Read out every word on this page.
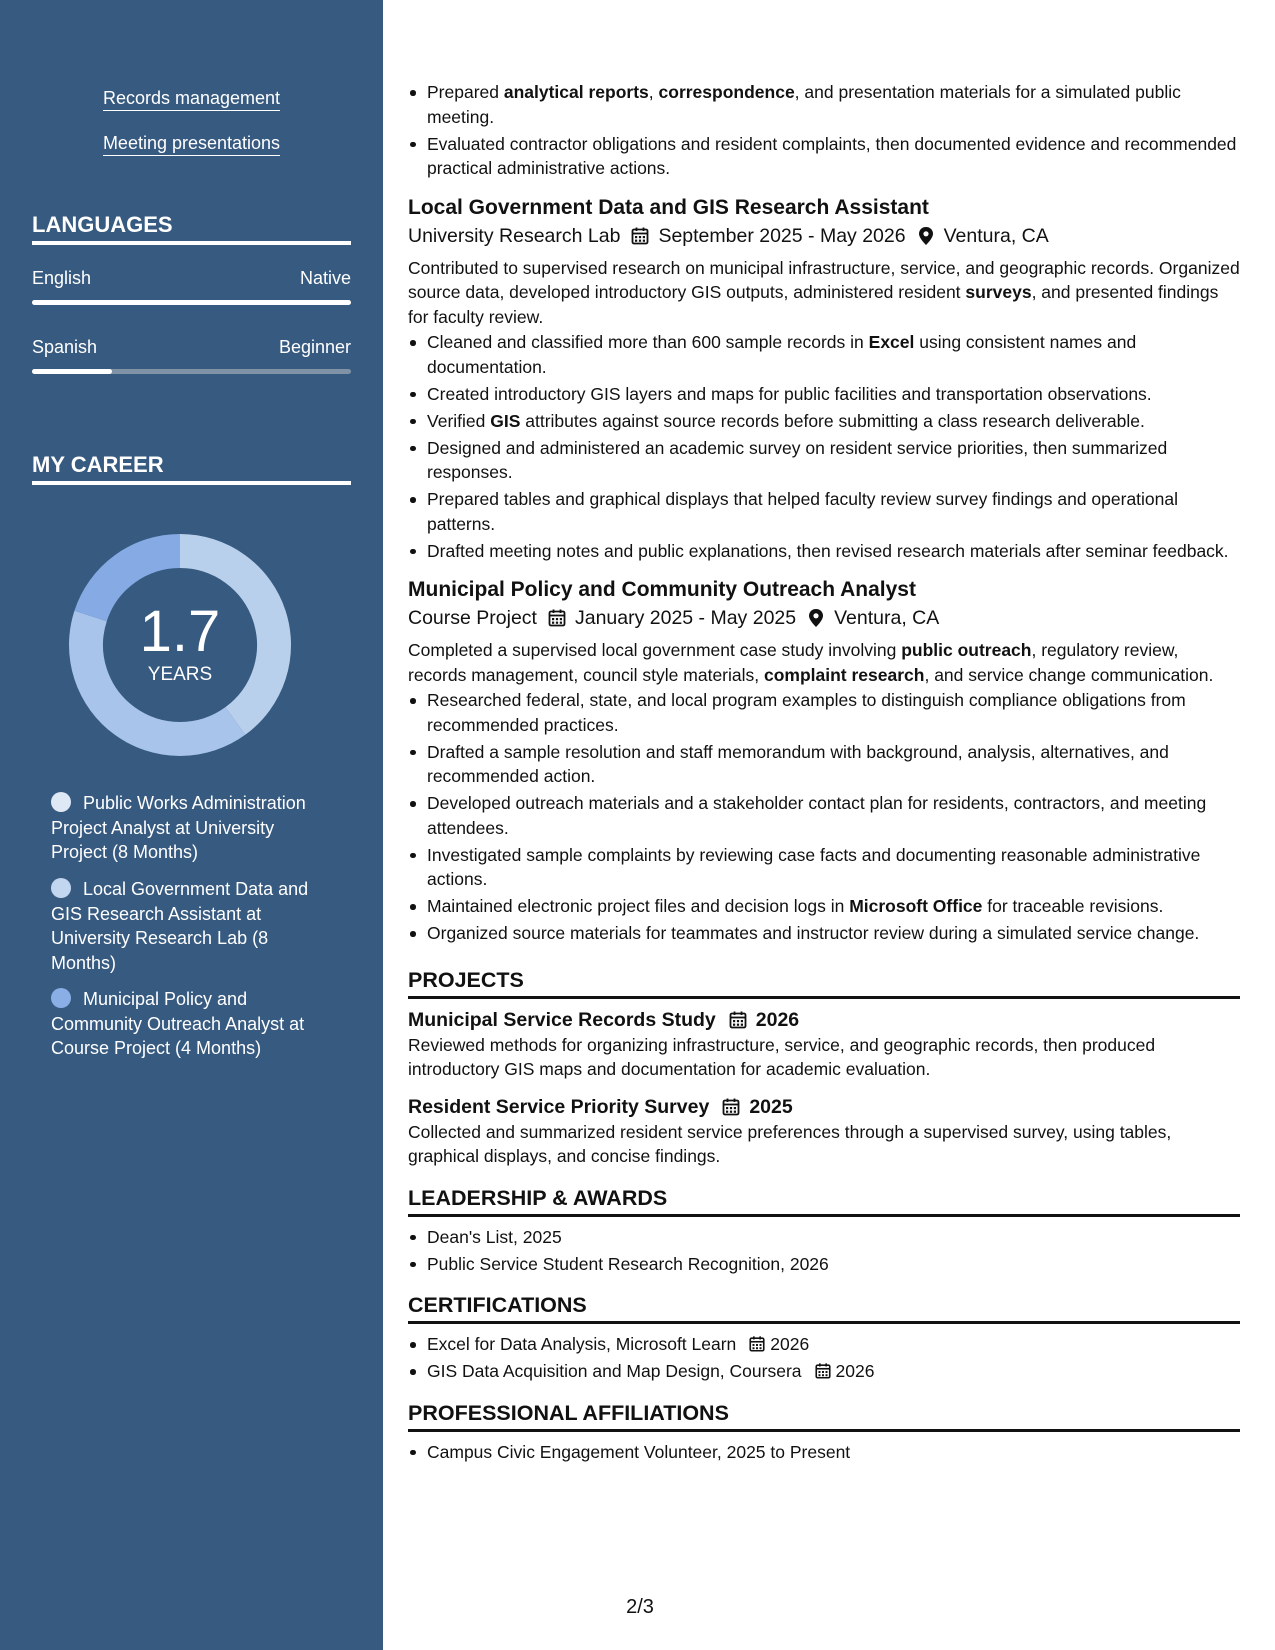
Records management
Meeting presentations
LANGUAGES
English	Native
Spanish	Beginner
MY CAREER
1.7
YEARS
Public Works Administration Project Analyst at University Project (8 Months)
Local Government Data and GIS Research Assistant at University Research Lab (8 Months)
Municipal Policy and Community Outreach Analyst at Course Project (4 Months)
Prepared analytical reports, correspondence, and presentation materials for a simulated public meeting.
Evaluated contractor obligations and resident complaints, then documented evidence and recommended practical administrative actions.
Local Government Data and GIS Research Assistant
University Research Lab September 2025 - May 2026 Ventura, CA
Contributed to supervised research on municipal infrastructure, service, and geographic records. Organized source data, developed introductory GIS outputs, administered resident surveys, and presented findings for faculty review.
Cleaned and classified more than 600 sample records in Excel using consistent names and documentation.
Created introductory GIS layers and maps for public facilities and transportation observations.
Verified GIS attributes against source records before submitting a class research deliverable.
Designed and administered an academic survey on resident service priorities, then summarized responses.
Prepared tables and graphical displays that helped faculty review survey findings and operational patterns.
Drafted meeting notes and public explanations, then revised research materials after seminar feedback.
Municipal Policy and Community Outreach Analyst
Course Project January 2025 - May 2025 Ventura, CA
Completed a supervised local government case study involving public outreach, regulatory review, records management, council style materials, complaint research, and service change communication.
Researched federal, state, and local program examples to distinguish compliance obligations from recommended practices.
Drafted a sample resolution and staff memorandum with background, analysis, alternatives, and recommended action.
Developed outreach materials and a stakeholder contact plan for residents, contractors, and meeting attendees.
Investigated sample complaints by reviewing case facts and documenting reasonable administrative actions.
Maintained electronic project files and decision logs in Microsoft Office for traceable revisions.
Organized source materials for teammates and instructor review during a simulated service change.
PROJECTS
Municipal Service Records Study 2026
Reviewed methods for organizing infrastructure, service, and geographic records, then produced introductory GIS maps and documentation for academic evaluation.
Resident Service Priority Survey 2025
Collected and summarized resident service preferences through a supervised survey, using tables, graphical displays, and concise findings.
LEADERSHIP & AWARDS
Dean's List, 2025
Public Service Student Research Recognition, 2026
CERTIFICATIONS
Excel for Data Analysis, Microsoft Learn 2026
GIS Data Acquisition and Map Design, Coursera 2026
PROFESSIONAL AFFILIATIONS
Campus Civic Engagement Volunteer, 2025 to Present
2/3
